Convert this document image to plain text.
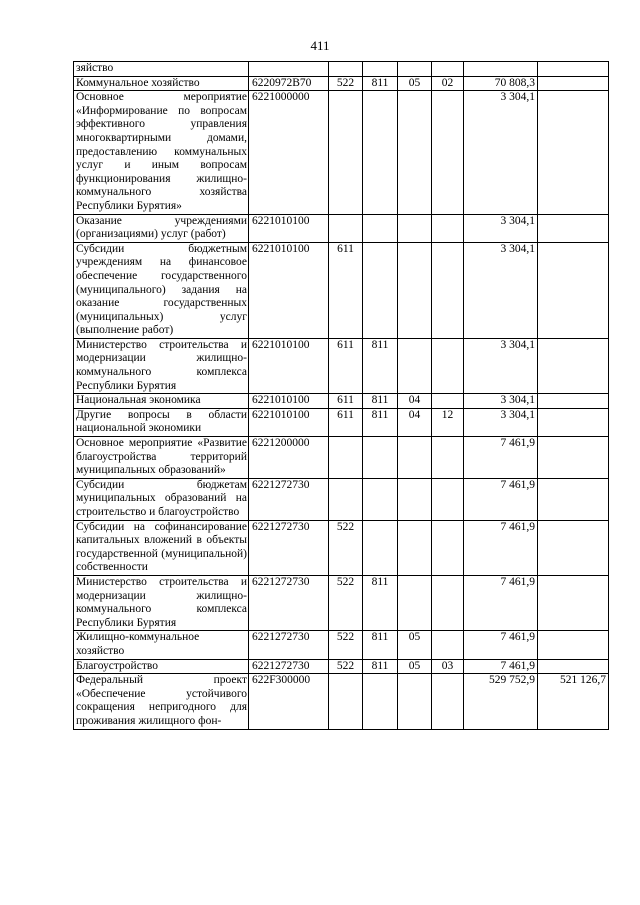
411
зяйство							
Коммунальное хозяйство	6220972В70	522	811	05	02	70 808,3	
Основное мероприятие «Информирование по вопросам эффективного управления многоквартирными домами, предоставлению коммунальных услуг и иным вопросам функционирования жилищно-коммунального хозяйства Республики Бурятия»	6221000000					3 304,1	
Оказание учреждениями (организациями) услуг (работ)	6221010100					3 304,1	
Субсидии бюджетным учреждениям на финансовое обеспечение государственного (муниципального) задания на оказание государственных (муниципальных) услуг (выполнение работ)	6221010100	611				3 304,1	
Министерство строительства и модернизации жилищно-коммунального комплекса Республики Бурятия	6221010100	611	811			3 304,1	
Национальная экономика	6221010100	611	811	04		3 304,1	
Другие вопросы в области национальной экономики	6221010100	611	811	04	12	3 304,1	
Основное мероприятие «Развитие благоустройства территорий муниципальных образований»	6221200000					7 461,9	
Субсидии бюджетам муниципальных образований на строительство и благоустройство	6221272730					7 461,9	
Субсидии на софинансирование капитальных вложений в объекты государственной (муниципальной) собственности	6221272730	522				7 461,9	
Министерство строительства и модернизации жилищно-коммунального комплекса Республики Бурятия	6221272730	522	811			7 461,9	
Жилищно-коммунальное хозяйство	6221272730	522	811	05		7 461,9	
Благоустройство	6221272730	522	811	05	03	7 461,9	
Федеральный проект «Обеспечение устойчивого сокращения непригодного для проживания жилищного фон-	622F300000					529 752,9	521 126,7
